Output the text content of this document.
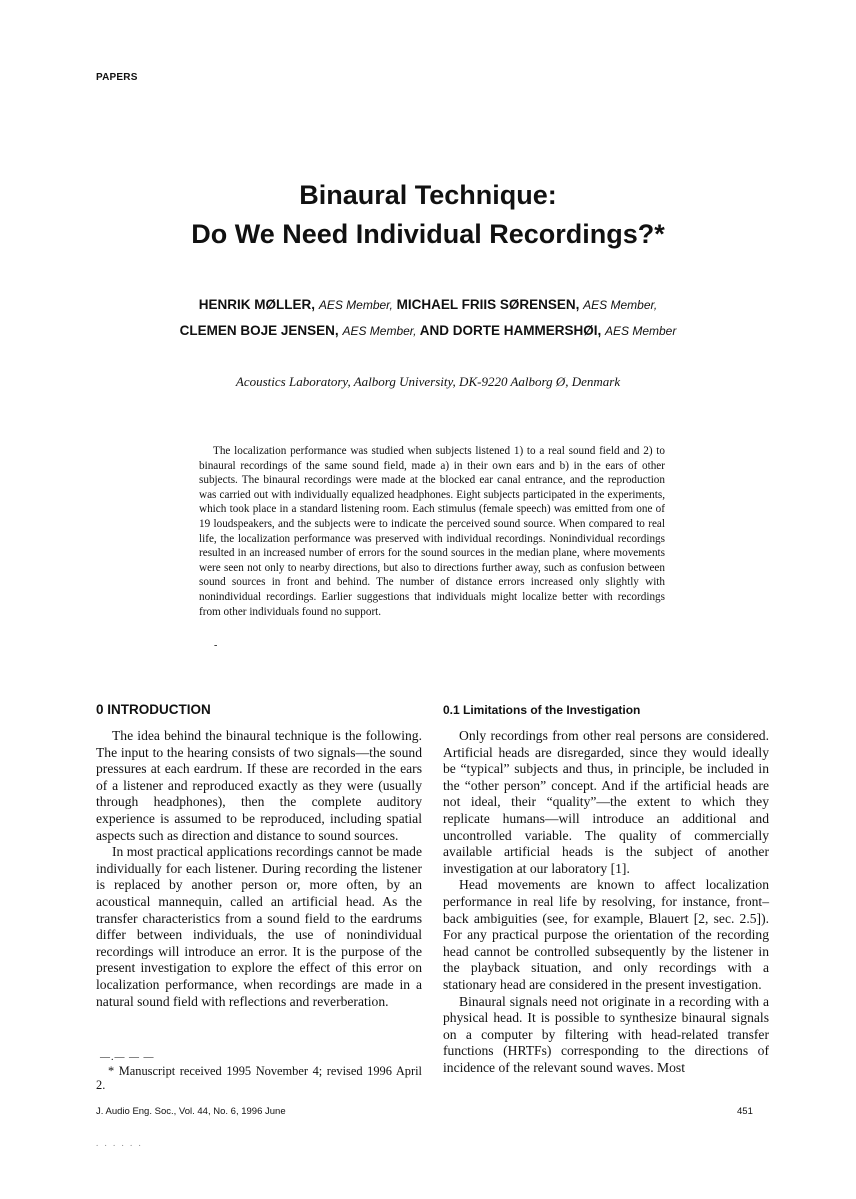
PAPERS
Binaural Technique:
Do We Need Individual Recordings?*
HENRIK MØLLER, AES Member, MICHAEL FRIIS SØRENSEN, AES Member,
CLEMEN BOJE JENSEN, AES Member, AND DORTE HAMMERSHØI, AES Member
Acoustics Laboratory, Aalborg University, DK-9220 Aalborg Ø, Denmark
The localization performance was studied when subjects listened 1) to a real sound field and 2) to binaural recordings of the same sound field, made a) in their own ears and b) in the ears of other subjects. The binaural recordings were made at the blocked ear canal entrance, and the reproduction was carried out with individually equalized headphones. Eight subjects participated in the experiments, which took place in a standard listening room. Each stimulus (female speech) was emitted from one of 19 loudspeakers, and the subjects were to indicate the perceived sound source. When compared to real life, the localization performance was preserved with individual recordings. Nonindividual recordings resulted in an increased number of errors for the sound sources in the median plane, where movements were seen not only to nearby directions, but also to directions further away, such as confusion between sound sources in front and behind. The number of distance errors increased only slightly with nonindividual recordings. Earlier suggestions that individuals might localize better with recordings from other individuals found no support.
-
0 INTRODUCTION

The idea behind the binaural technique is the following. The input to the hearing consists of two signals—the sound pressures at each eardrum. If these are recorded in the ears of a listener and reproduced exactly as they were (usually through headphones), then the complete auditory experience is assumed to be reproduced, including spatial aspects such as direction and distance to sound sources.

In most practical applications recordings cannot be made individually for each listener. During recording the listener is replaced by another person or, more often, by an acoustical mannequin, called an artificial head. As the transfer characteristics from a sound field to the eardrums differ between individuals, the use of nonindividual recordings will introduce an error. It is the purpose of the present investigation to explore the effect of this error on localization performance, when recordings are made in a natural sound field with reflections and reverberation.

—.— — —
* Manuscript received 1995 November 4; revised 1996 April 2.
0.1 Limitations of the Investigation

Only recordings from other real persons are considered. Artificial heads are disregarded, since they would ideally be “typical” subjects and thus, in principle, be included in the “other person” concept. And if the artificial heads are not ideal, their “quality”—the extent to which they replicate humans—will introduce an additional and uncontrolled variable. The quality of commercially available artificial heads is the subject of another investigation at our laboratory [1].

Head movements are known to affect localization performance in real life by resolving, for instance, front–back ambiguities (see, for example, Blauert [2, sec. 2.5]). For any practical purpose the orientation of the recording head cannot be controlled subsequently by the listener in the playback situation, and only recordings with a stationary head are considered in the present investigation.

Binaural signals need not originate in a recording with a physical head. It is possible to synthesize binaural signals on a computer by filtering with head-related transfer functions (HRTFs) corresponding to the directions of incidence of the relevant sound waves. Most

J. Audio Eng. Soc., Vol. 44, No. 6, 1996 June	451
. . . . . .
